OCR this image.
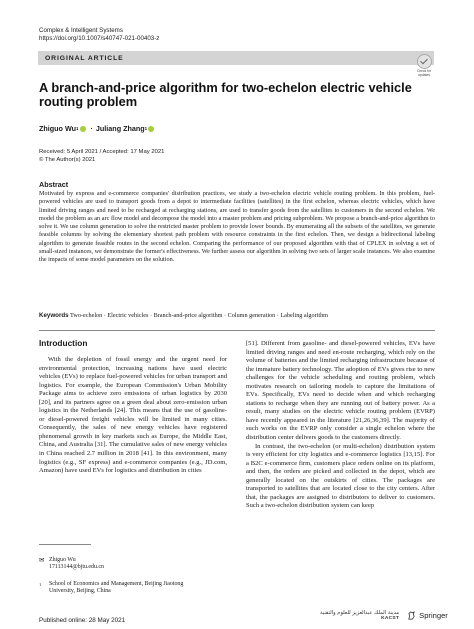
Complex & Intelligent Systems
https://doi.org/10.1007/s40747-021-00403-z
ORIGINAL ARTICLE
Check for
updates
A branch-and-price algorithm for two-echelon electric vehicle routing problem
Zhiguo Wu 1 · Juliang Zhang 1
Received: 5 April 2021 / Accepted: 17 May 2021
© The Author(s) 2021
Abstract

Motivated by express and e-commerce companies' distribution practices, we study a two-echelon electric vehicle routing problem. In this problem, fuel-powered vehicles are used to transport goods from a depot to intermediate facilities (satellites) in the first echelon, whereas electric vehicles, which have limited driving ranges and need to be recharged at recharging stations, are used to transfer goods from the satellites to customers in the second echelon. We model the problem as an arc flow model and decompose the model into a master problem and pricing subproblem. We propose a branch-and-price algorithm to solve it. We use column generation to solve the restricted master problem to provide lower bounds. By enumerating all the subsets of the satellites, we generate feasible columns by solving the elementary shortest path problem with resource constraints in the first echelon. Then, we design a bidirectional labeling algorithm to generate feasible routes in the second echelon. Comparing the performance of our proposed algorithm with that of CPLEX in solving a set of small-sized instances, we demonstrate the former's effectiveness. We further assess our algorithm in solving two sets of larger scale instances. We also examine the impacts of some model parameters on the solution.

Keywords Two-echelon · Electric vehicles · Branch-and-price algorithm · Column generation · Labeling algorithm
Introduction

With the depletion of fossil energy and the urgent need for environmental protection, increasing nations have used electric vehicles (EVs) to replace fuel-powered vehicles for urban transport and logistics. For example, the European Commission's Urban Mobility Package aims to achieve zero emissions of urban logistics by 2030 [20], and its partners agree on a green deal about zero-emission urban logistics in the Netherlands [24]. This means that the use of gasoline- or diesel-powered freight vehicles will be limited in many cities. Consequently, the sales of new energy vehicles have registered phenomenal growth in key markets such as Europe, the Middle East, China, and Australia [31]. The cumulative sales of new energy vehicles in China reached 2.7 million in 2018 [41]. In this environment, many logistics (e.g., SF express) and e-commerce companies (e.g., JD.com, Amazon) have used EVs for logistics and distribution in cities

[51]. Different from gasoline- and diesel-powered vehicles, EVs have limited driving ranges and need en-route recharging, which rely on the volume of batteries and the limited recharging infrastructure because of the immature battery technology. The adoption of EVs gives rise to new challenges for the vehicle scheduling and routing problem, which motivates research on tailoring models to capture the limitations of EVs. Specifically, EVs need to decide when and which recharging stations to recharge when they are running out of battery power. As a result, many studies on the electric vehicle routing problem (EVRP) have recently appeared in the literature [21,26,36,39]. The majority of such works on the EVRP only consider a single echelon where the distribution center delivers goods to the customers directly.

In contrast, the two-echelon (or multi-echelon) distribution system is very efficient for city logistics and e-commerce logistics [13,15]. For a B2C e-commerce firm, customers place orders online on its platform, and then, the orders are picked and collected in the depot, which are generally located on the outskirts of cities. The packages are transported to satellites that are located close to the city centers. After that, the packages are assigned to distributors to deliver to customers. Such a two-echelon distribution system can keep

✉ Zhiguo Wu
17113144@bjtu.edu.cn
1	School of Economics and Management, Beijing Jiaotong
University, Beijing, China
Published online: 28 May 2021
مدينة الملك عبدالعزيز للعلوم والتقنية
KACST	Springer
